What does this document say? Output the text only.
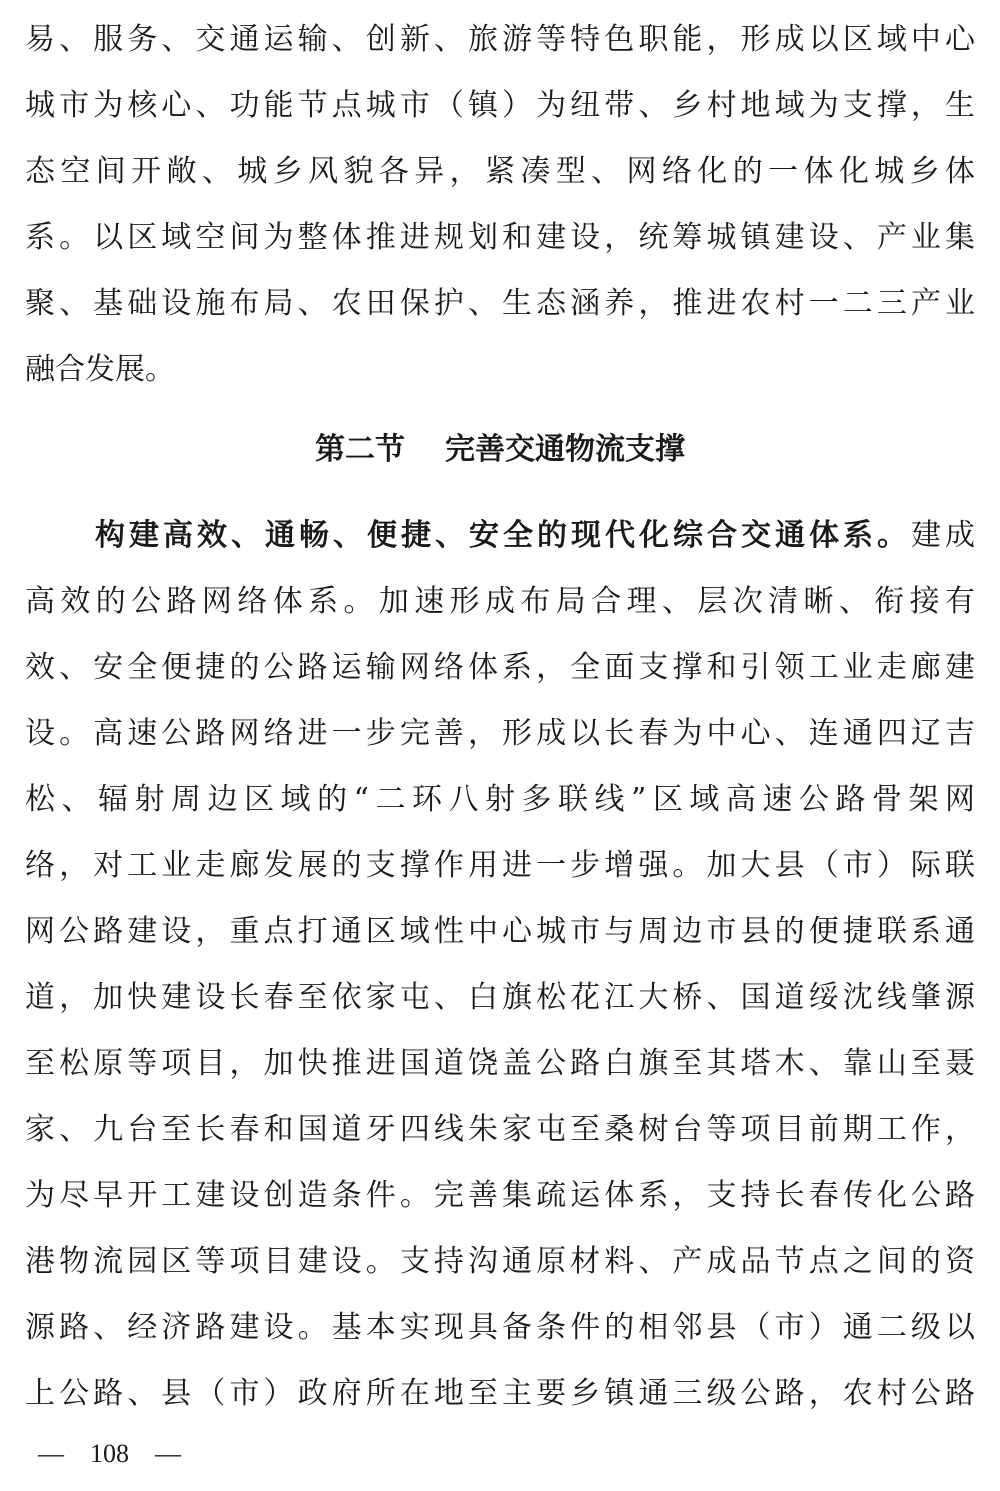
易、服务、交通运输、创新、旅游等特色职能，形成以区域中心
城市为核心、功能节点城市（镇）为纽带、乡村地域为支撑，生
态空间开敞、城乡风貌各异，紧凑型、网络化的一体化城乡体
系。以区域空间为整体推进规划和建设，统筹城镇建设、产业集
聚、基础设施布局、农田保护、生态涵养，推进农村一二三产业
融合发展。
第二节 完善交通物流支撑
构建高效、通畅、便捷、安全的现代化综合交通体系。建成
高效的公路网络体系。加速形成布局合理、层次清晰、衔接有
效、安全便捷的公路运输网络体系，全面支撑和引领工业走廊建
设。高速公路网络进一步完善，形成以长春为中心、连通四辽吉
松、辐射周边区域的“二环八射多联线”区域高速公路骨架网
络，对工业走廊发展的支撑作用进一步增强。加大县（市）际联
网公路建设，重点打通区域性中心城市与周边市县的便捷联系通
道，加快建设长春至依家屯、白旗松花江大桥、国道绥沈线肇源
至松原等项目，加快推进国道饶盖公路白旗至其塔木、靠山至聂
家、九台至长春和国道牙四线朱家屯至桑树台等项目前期工作，
为尽早开工建设创造条件。完善集疏运体系，支持长春传化公路
港物流园区等项目建设。支持沟通原材料、产成品节点之间的资
源路、经济路建设。基本实现具备条件的相邻县（市）通二级以
上公路、县（市）政府所在地至主要乡镇通三级公路，农村公路
— 108 —
